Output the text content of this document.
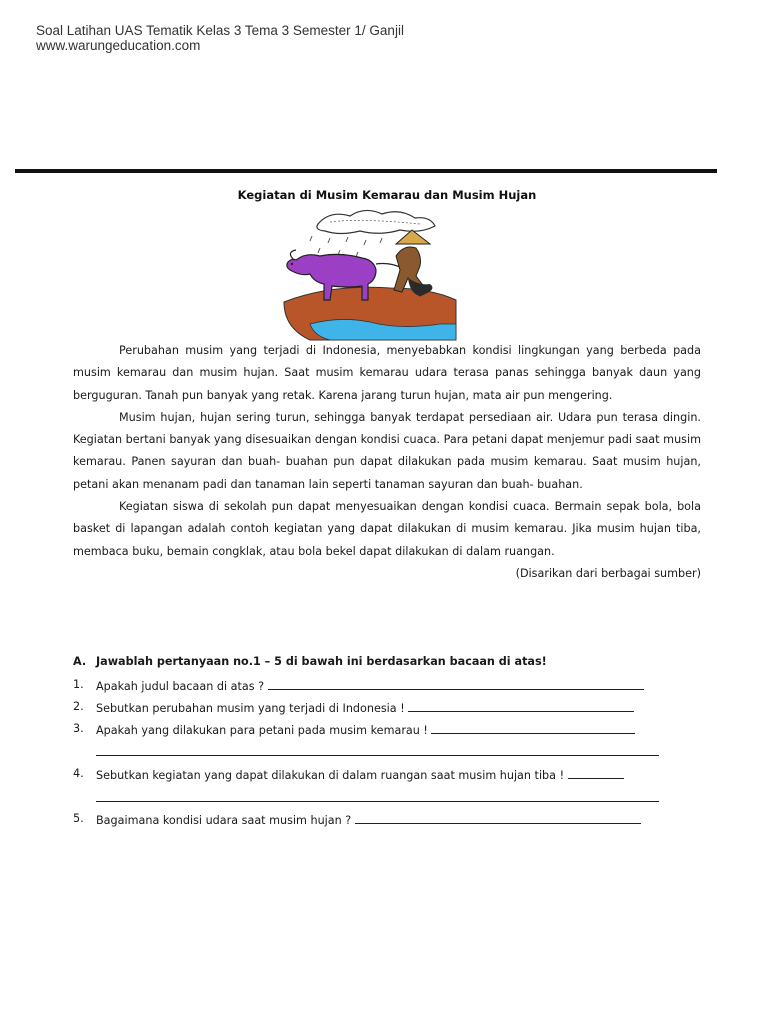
Soal Latihan UAS Tematik Kelas 3 Tema 3 Semester 1/ Ganjil
www.warungeducation.com
Kegiatan di Musim Kemarau dan Musim Hujan

Perubahan musim yang terjadi di Indonesia, menyebabkan kondisi lingkungan yang berbeda pada musim kemarau dan musim hujan. Saat musim kemarau udara terasa panas sehingga banyak daun yang berguguran. Tanah pun banyak yang retak. Karena jarang turun hujan, mata air pun mengering.

Musim hujan, hujan sering turun, sehingga banyak terdapat persediaan air. Udara pun terasa dingin. Kegiatan bertani banyak yang disesuaikan dengan kondisi cuaca. Para petani dapat menjemur padi saat musim kemarau. Panen sayuran dan buah- buahan pun dapat dilakukan pada musim kemarau. Saat musim hujan, petani akan menanam padi dan tanaman lain seperti tanaman sayuran dan buah- buahan.

Kegiatan siswa di sekolah pun dapat menyesuaikan dengan kondisi cuaca. Bermain sepak bola, bola basket di lapangan adalah contoh kegiatan yang dapat dilakukan di musim kemarau. Jika musim hujan tiba, membaca buku, bemain congklak, atau bola bekel dapat dilakukan di dalam ruangan.

(Disarikan dari berbagai sumber)

A. Jawablah pertanyaan no.1 – 5 di bawah ini berdasarkan bacaan di atas!
1.	Apakah judul bacaan di atas ?
2.	Sebutkan perubahan musim yang terjadi di Indonesia !
3.	Apakah yang dilakukan para petani pada musim kemarau !
4.	Sebutkan kegiatan yang dapat dilakukan di dalam ruangan saat musim hujan tiba !
5.	Bagaimana kondisi udara saat musim hujan ?
